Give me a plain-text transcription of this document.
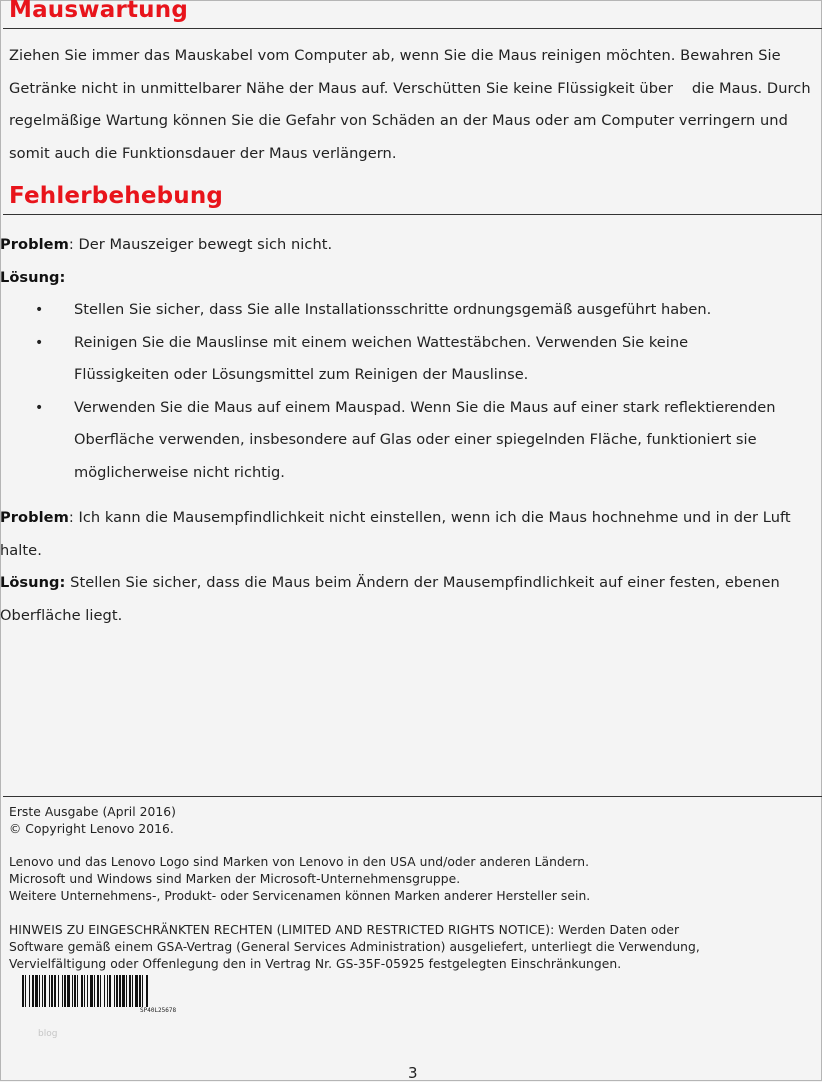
Mauswartung

Ziehen Sie immer das Mauskabel vom Computer ab, wenn Sie die Maus reinigen möchten. Bewahren Sie
Getränke nicht in unmittelbarer Nähe der Maus auf. Verschütten Sie keine Flüssigkeit über    die Maus. Durch
regelmäßige Wartung können Sie die Gefahr von Schäden an der Maus oder am Computer verringern und
somit auch die Funktionsdauer der Maus verlängern.

Fehlerbehebung

Problem: Der Mauszeiger bewegt sich nicht.
Lösung:

• Stellen Sie sicher, dass Sie alle Installationsschritte ordnungsgemäß ausgeführt haben.
• Reinigen Sie die Mauslinse mit einem weichen Wattestäbchen. Verwenden Sie keine
Flüssigkeiten oder Lösungsmittel zum Reinigen der Mauslinse.
• Verwenden Sie die Maus auf einem Mauspad. Wenn Sie die Maus auf einer stark reflektierenden
Oberfläche verwenden, insbesondere auf Glas oder einer spiegelnden Fläche, funktioniert sie
möglicherweise nicht richtig.

Problem: Ich kann die Mausempfindlichkeit nicht einstellen, wenn ich die Maus hochnehme und in der Luft
halte.
Lösung: Stellen Sie sicher, dass die Maus beim Ändern der Mausempfindlichkeit auf einer festen, ebenen
Oberfläche liegt.

Erste Ausgabe (April 2016)
© Copyright Lenovo 2016.

Lenovo und das Lenovo Logo sind Marken von Lenovo in den USA und/oder anderen Ländern.
Microsoft und Windows sind Marken der Microsoft-Unternehmensgruppe.
Weitere Unternehmens-, Produkt- oder Servicenamen können Marken anderer Hersteller sein.

HINWEIS ZU EINGESCHRÄNKTEN RECHTEN (LIMITED AND RESTRICTED RIGHTS NOTICE): Werden Daten oder
Software gemäß einem GSA-Vertrag (General Services Administration) ausgeliefert, unterliegt die Verwendung,
Vervielfältigung oder Offenlegung den in Vertrag Nr. GS-35F-05925 festgelegten Einschränkungen.

SP40L25678
blog
3
